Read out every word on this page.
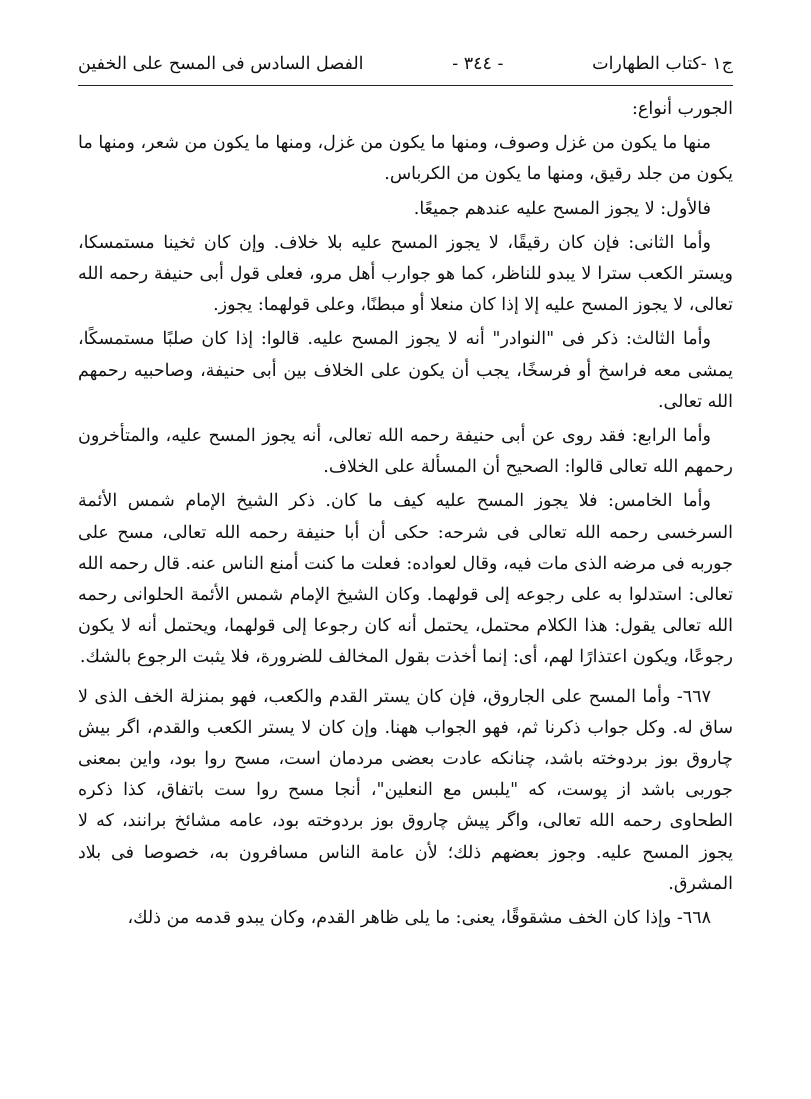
ج١ -كتاب الطهارات
- ٣٤٤ -
الفصل السادس فى المسح على الخفين

الجورب أنواع:

منها ما يكون من غزل وصوف، ومنها ما يكون من غزل، ومنها ما يكون من شعر، ومنها ما يكون من جلد رقيق، ومنها ما يكون من الكرباس.

فالأول: لا يجوز المسح عليه عندهم جميعًا.

وأما الثانى: فإن كان رقيقًا، لا يجوز المسح عليه بلا خلاف. وإن كان ثخينا مستمسكا، ويستر الكعب سترا لا يبدو للناظر، كما هو جوارب أهل مرو، فعلى قول أبى حنيفة رحمه الله تعالى، لا يجوز المسح عليه إلا إذا كان منعلا أو مبطنًا، وعلى قولهما: يجوز.

وأما الثالث: ذكر فى "النوادر" أنه لا يجوز المسح عليه. قالوا: إذا كان صلبًا مستمسكًا، يمشى معه فراسخ أو فرسخًا، يجب أن يكون على الخلاف بين أبى حنيفة، وصاحبيه رحمهم الله تعالى.

وأما الرابع: فقد روى عن أبى حنيفة رحمه الله تعالى، أنه يجوز المسح عليه، والمتأخرون رحمهم الله تعالى قالوا: الصحيح أن المسألة على الخلاف.

وأما الخامس: فلا يجوز المسح عليه كيف ما كان. ذكر الشيخ الإمام شمس الأئمة السرخسى رحمه الله تعالى فى شرحه: حكى أن أبا حنيفة رحمه الله تعالى، مسح على جوربه فى مرضه الذى مات فيه، وقال لعواده: فعلت ما كنت أمنع الناس عنه. قال رحمه الله تعالى: استدلوا به على رجوعه إلى قولهما. وكان الشيخ الإمام شمس الأئمة الحلوانى رحمه الله تعالى يقول: هذا الكلام محتمل، يحتمل أنه كان رجوعا إلى قولهما، ويحتمل أنه لا يكون رجوعًا، ويكون اعتذارًا لهم، أى: إنما أخذت بقول المخالف للضرورة، فلا يثبت الرجوع بالشك.

٦٦٧- وأما المسح على الجاروق، فإن كان يستر القدم والكعب، فهو بمنزلة الخف الذى لا ساق له. وكل جواب ذكرنا ثم، فهو الجواب ههنا. وإن كان لا يستر الكعب والقدم، اگر بيش چاروق بوز بردوخته باشد، چنانكه عادت بعضى مردمان است، مسح روا بود، واين بمعنى جوربى باشد از پوست، كه "يلبس مع النعلين"، أنجا مسح روا ست باتفاق، كذا ذكره الطحاوى رحمه الله تعالى، واگر پيش چاروق بوز بردوخته بود، عامه مشائخ برانند، كه لا يجوز المسح عليه. وجوز بعضهم ذلك؛ لأن عامة الناس مسافرون به، خصوصا فى بلاد المشرق.

٦٦٨- وإذا كان الخف مشقوقًا، يعنى: ما يلى ظاهر القدم، وكان يبدو قدمه من ذلك،
